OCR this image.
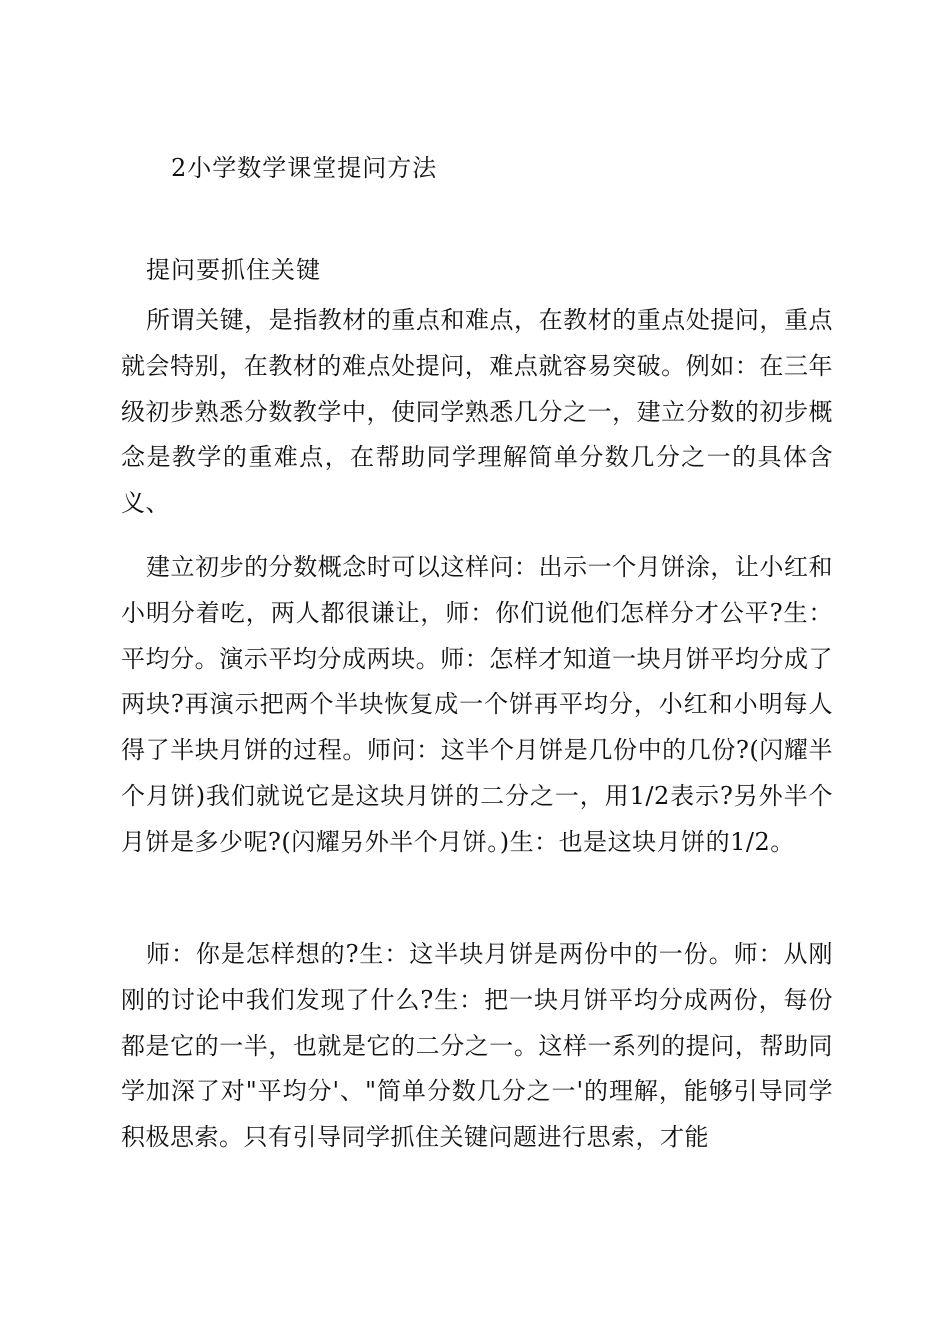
2小学数学课堂提问方法
提问要抓住关键

所谓关键，是指教材的重点和难点，在教材的重点处提问，重点就会特别，在教材的难点处提问，难点就容易突破。例如：在三年级初步熟悉分数教学中，使同学熟悉几分之一，建立分数的初步概念是教学的重难点，在帮助同学理解简单分数几分之一的具体含义、

建立初步的分数概念时可以这样问：出示一个月饼涂，让小红和小明分着吃，两人都很谦让，师：你们说他们怎样分才公平?生：平均分。演示平均分成两块。师：怎样才知道一块月饼平均分成了两块?再演示把两个半块恢复成一个饼再平均分，小红和小明每人得了半块月饼的过程。师问：这半个月饼是几份中的几份?(闪耀半个月饼)我们就说它是这块月饼的二分之一，用1/2表示?另外半个月饼是多少呢?(闪耀另外半个月饼。)生：也是这块月饼的1/2。

师：你是怎样想的?生：这半块月饼是两份中的一份。师：从刚刚的讨论中我们发现了什么?生：把一块月饼平均分成两份，每份都是它的一半，也就是它的二分之一。这样一系列的提问，帮助同学加深了对"平均分'、"简单分数几分之一'的理解，能够引导同学积极思索。只有引导同学抓住关键问题进行思索，才能
